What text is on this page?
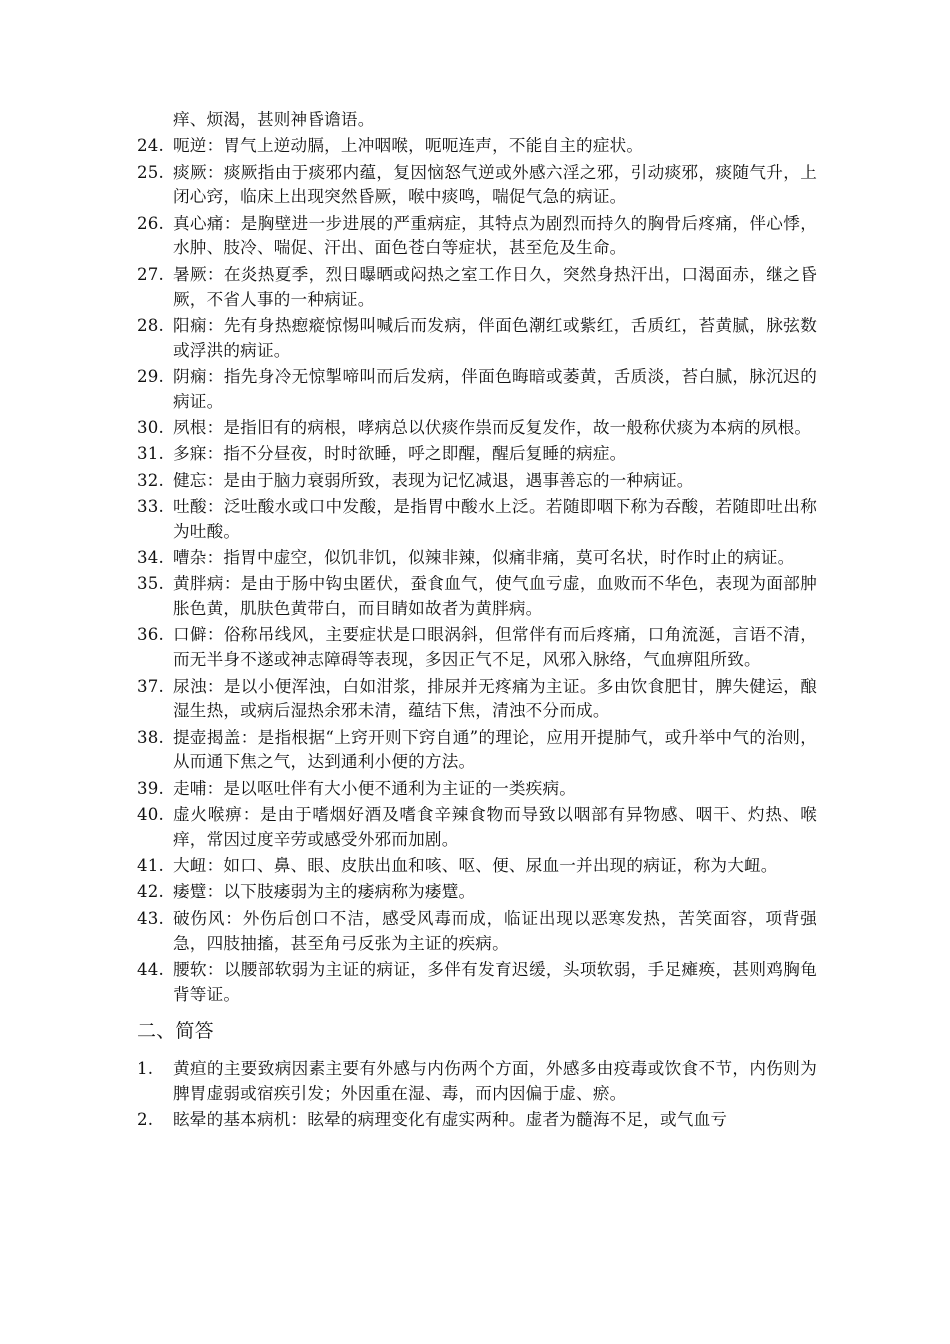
痒、烦渴，甚则神昏谵语。
24. 呃逆：胃气上逆动膈，上冲咽喉，呃呃连声，不能自主的症状。
25. 痰厥：痰厥指由于痰邪内蕴，复因恼怒气逆或外感六淫之邪，引动痰邪，痰随气升，上闭心窍，临床上出现突然昏厥，喉中痰鸣，喘促气急的病证。
26. 真心痛：是胸壁进一步进展的严重病症，其特点为剧烈而持久的胸骨后疼痛，伴心悸，水肿、肢冷、喘促、汗出、面色苍白等症状，甚至危及生命。
27. 暑厥：在炎热夏季，烈日曝晒或闷热之室工作日久，突然身热汗出，口渴面赤，继之昏厥，不省人事的一种病证。
28. 阳痫：先有身热瘛瘲惊惕叫喊后而发病，伴面色潮红或紫红，舌质红，苔黄腻，脉弦数或浮洪的病证。
29. 阴痫：指先身冷无惊掣啼叫而后发病，伴面色晦暗或萎黄，舌质淡，苔白腻，脉沉迟的病证。
30. 夙根：是指旧有的病根，哮病总以伏痰作祟而反复发作，故一般称伏痰为本病的夙根。
31. 多寐：指不分昼夜，时时欲睡，呼之即醒，醒后复睡的病症。
32. 健忘：是由于脑力衰弱所致，表现为记忆减退，遇事善忘的一种病证。
33. 吐酸：泛吐酸水或口中发酸，是指胃中酸水上泛。若随即咽下称为吞酸，若随即吐出称为吐酸。
34. 嘈杂：指胃中虚空，似饥非饥，似辣非辣，似痛非痛，莫可名状，时作时止的病证。
35. 黄胖病：是由于肠中钩虫匿伏，蚕食血气，使气血亏虚，血败而不华色，表现为面部肿胀色黄，肌肤色黄带白，而目睛如故者为黄胖病。
36. 口僻：俗称吊线风，主要症状是口眼涡斜，但常伴有而后疼痛，口角流涎，言语不清，而无半身不遂或神志障碍等表现，多因正气不足，风邪入脉络，气血痹阻所致。
37. 尿浊：是以小便浑浊，白如泔浆，排尿并无疼痛为主证。多由饮食肥甘，脾失健运，酿湿生热，或病后湿热余邪未清，蕴结下焦，清浊不分而成。
38. 提壶揭盖：是指根据“上窍开则下窍自通”的理论，应用开提肺气，或升举中气的治则，从而通下焦之气，达到通利小便的方法。
39. 走哺：是以呕吐伴有大小便不通利为主证的一类疾病。
40. 虚火喉痹：是由于嗜烟好酒及嗜食辛辣食物而导致以咽部有异物感、咽干、灼热、喉痒，常因过度辛劳或感受外邪而加剧。
41. 大衄：如口、鼻、眼、皮肤出血和咳、呕、便、尿血一并出现的病证，称为大衄。
42. 痿躄：以下肢痿弱为主的痿病称为痿躄。
43. 破伤风：外伤后创口不洁，感受风毒而成，临证出现以恶寒发热，苦笑面容，项背强急，四肢抽搐，甚至角弓反张为主证的疾病。
44. 腰软：以腰部软弱为主证的病证，多伴有发育迟缓，头项软弱，手足瘫痪，甚则鸡胸龟背等证。
二、简答
1.	黄疸的主要致病因素主要有外感与内伤两个方面，外感多由疫毒或饮食不节，内伤则为脾胃虚弱或宿疾引发；外因重在湿、毒，而内因偏于虚、瘀。
2.	眩晕的基本病机：眩晕的病理变化有虚实两种。虚者为髓海不足，或气血亏
